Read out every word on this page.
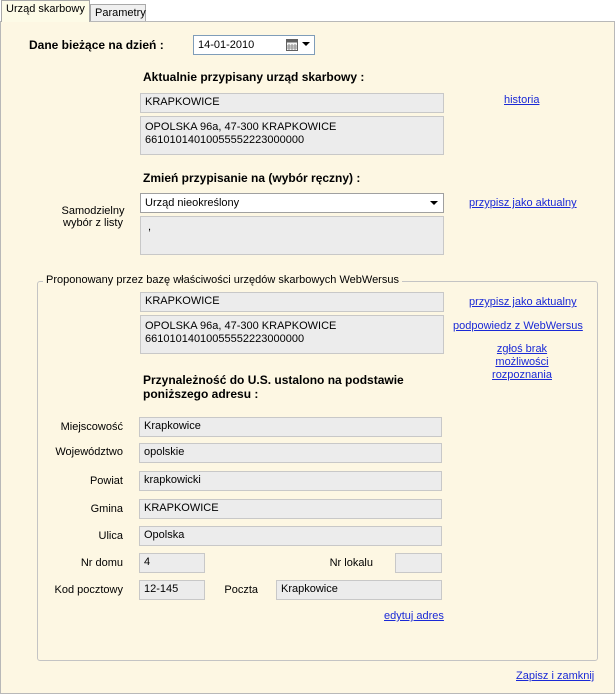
Urząd skarbowy Parametry
Dane bieżące na dzień :	14-01-2010
Aktualnie przypisany urząd skarbowy :
KRAPKOWICE
OPOLSKA 96a, 47-300 KRAPKOWICE
66101014010055552223000000
historia
Zmień przypisanie na (wybór ręczny) :
Samodzielny
wybór z listy
Urząd nieokreślony
,
przypisz jako aktualny
Proponowany przez bazę właściwości urzędów skarbowych WebWersus
KRAPKOWICE
OPOLSKA 96a, 47-300 KRAPKOWICE
66101014010055552223000000
przypisz jako aktualny
podpowiedz z WebWersus
zgłoś brak
możliwości
rozpoznania
Przynależność do U.S. ustalono na podstawie
poniższego adresu :
Miejscowość	Krapkowice
Województwo	opolskie
Powiat	krapkowicki
Gmina	KRAPKOWICE
Ulica	Opolska
Nr domu	4	Nr lokalu
Kod pocztowy	12-145	Poczta	Krapkowice
edytuj adres
Zapisz i zamknij
